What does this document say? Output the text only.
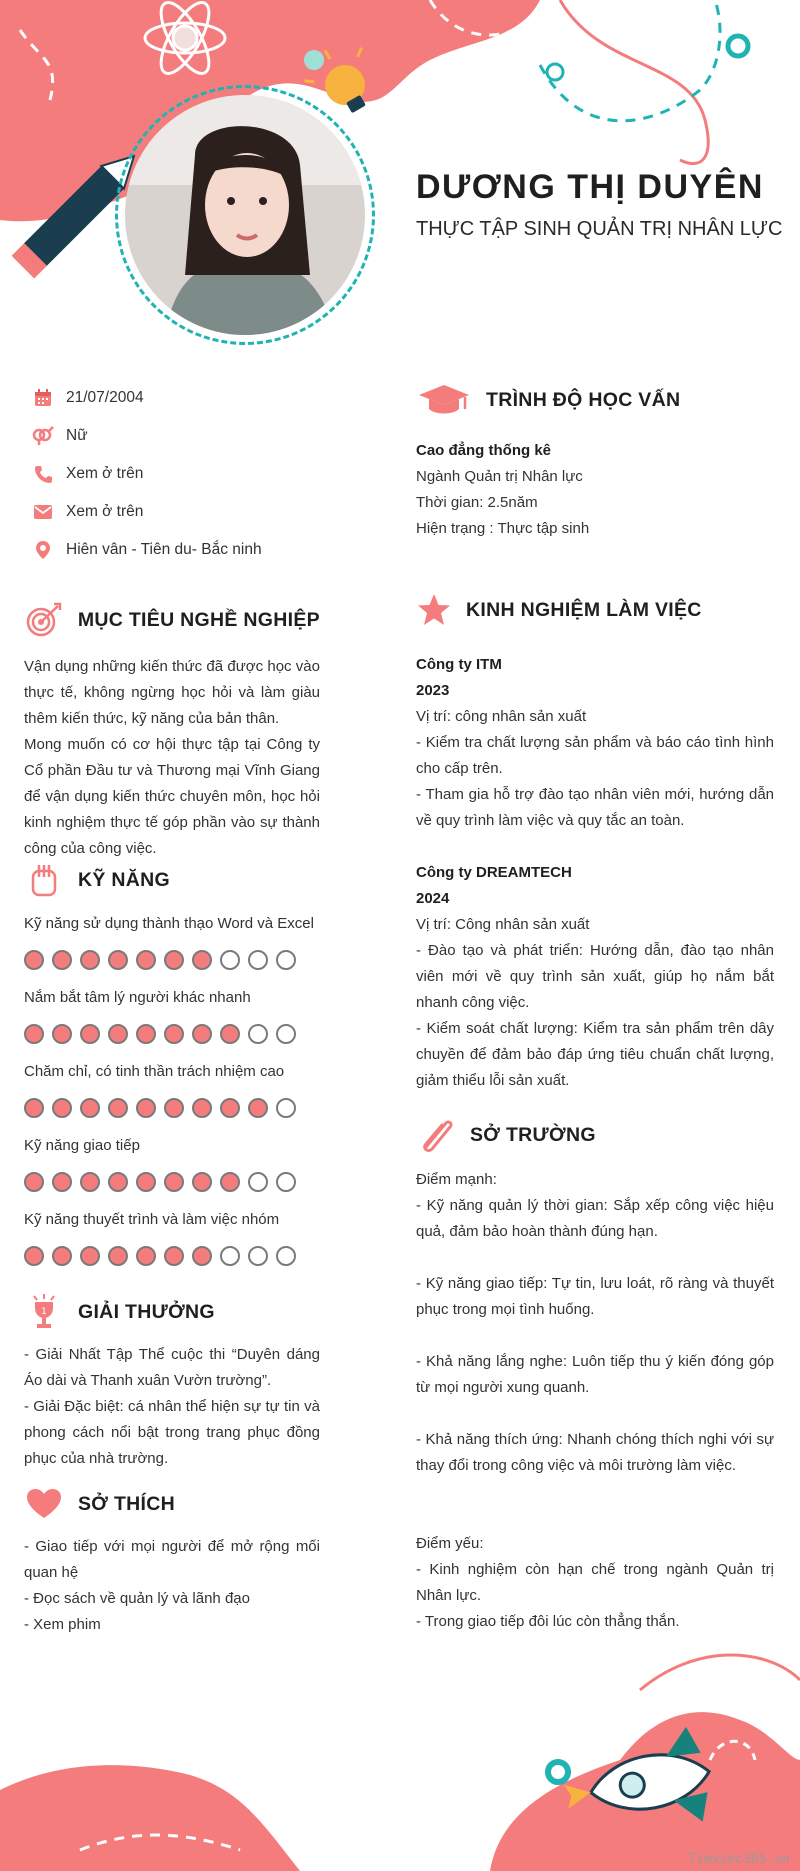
DƯƠNG THỊ DUYÊN
THỰC TẬP SINH QUẢN TRỊ NHÂN LỰC
21/07/2004
Nữ
Xem ở trên
Xem ở trên
Hiên vân - Tiên du- Bắc ninh
MỤC TIÊU NGHỀ NGHIỆP

Vận dụng những kiến thức đã được học vào thực tế, không ngừng học hỏi và làm giàu thêm kiến thức, kỹ năng của bản thân.

Mong muốn có cơ hội thực tập tại Công ty Cổ phần Đầu tư và Thương mại Vĩnh Giang để vận dụng kiến thức chuyên môn, học hỏi kinh nghiệm thực tế góp phần vào sự thành công của công việc.

KỸ NĂNG
Kỹ năng sử dụng thành thạo Word và Excel
Nắm bắt tâm lý người khác nhanh
Chăm chỉ, có tinh thần trách nhiệm cao
Kỹ năng giao tiếp
Kỹ năng thuyết trình và làm việc nhóm
1 GIẢI THƯỞNG

- Giải Nhất Tập Thể cuộc thi “Duyên dáng Áo dài và Thanh xuân Vườn trường”.

- Giải Đặc biệt: cá nhân thể hiện sự tự tin và phong cách nổi bật trong trang phục đồng phục của nhà trường.

SỞ THÍCH

- Giao tiếp với mọi người để mở rộng mối quan hệ

- Đọc sách về quản lý và lãnh đạo

- Xem phim

TRÌNH ĐỘ HỌC VẤN

Cao đẳng thống kê

Ngành Quản trị Nhân lực

Thời gian: 2.5năm

Hiện trạng : Thực tập sinh

KINH NGHIỆM LÀM VIỆC

Công ty ITM

2023

Vị trí: công nhân sản xuất

- Kiểm tra chất lượng sản phẩm và báo cáo tình hình cho cấp trên.

- Tham gia hỗ trợ đào tạo nhân viên mới, hướng dẫn về quy trình làm việc và quy tắc an toàn.

Công ty DREAMTECH

2024

Vị trí: Công nhân sản xuất

- Đào tạo và phát triển: Hướng dẫn, đào tạo nhân viên mới về quy trình sản xuất, giúp họ nắm bắt nhanh công việc.

- Kiểm soát chất lượng: Kiểm tra sản phẩm trên dây chuyền để đảm bảo đáp ứng tiêu chuẩn chất lượng, giảm thiểu lỗi sản xuất.

SỞ TRƯỜNG

Điểm mạnh:

- Kỹ năng quản lý thời gian: Sắp xếp công việc hiệu quả, đảm bảo hoàn thành đúng hạn.

- Kỹ năng giao tiếp: Tự tin, lưu loát, rõ ràng và thuyết phục trong mọi tình huống.

- Khả năng lắng nghe: Luôn tiếp thu ý kiến đóng góp từ mọi người xung quanh.

- Khả năng thích ứng: Nhanh chóng thích nghi với sự thay đổi trong công việc và môi trường làm việc.

Điểm yếu:

- Kinh nghiệm còn hạn chế trong ngành Quản trị Nhân lực.

- Trong giao tiếp đôi lúc còn thẳng thắn.

Timviec365.vn
